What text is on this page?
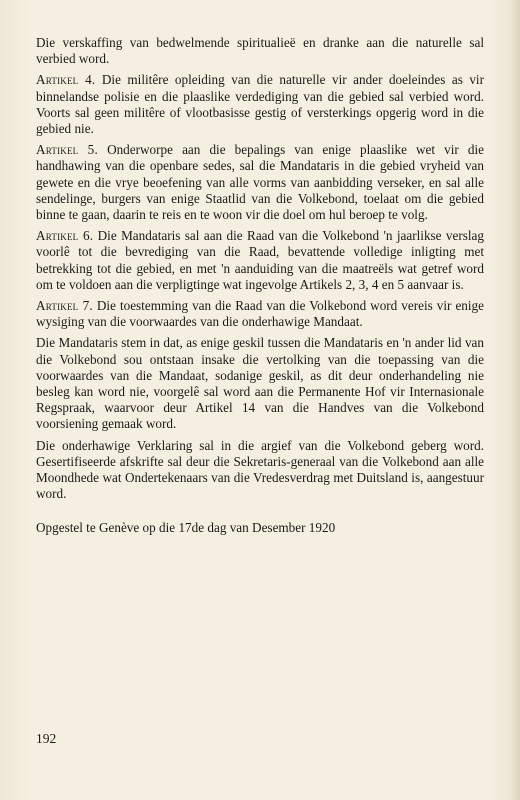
Die verskaffing van bedwelmende spiritualieë en dranke aan die naturelle sal verbied word.

Artikel 4. Die militêre opleiding van die naturelle vir ander doeleindes as vir binnelandse polisie en die plaaslike verdediging van die gebied sal verbied word. Voorts sal geen militêre of vlootbasisse gestig of versterkings opgerig word in die gebied nie.

Artikel 5. Onderworpe aan die bepalings van enige plaaslike wet vir die handhawing van die openbare sedes, sal die Mandataris in die gebied vryheid van gewete en die vrye beoefening van alle vorms van aanbidding verseker, en sal alle sendelinge, burgers van enige Staatlid van die Volkebond, toelaat om die gebied binne te gaan, daarin te reis en te woon vir die doel om hul beroep te volg.

Artikel 6. Die Mandataris sal aan die Raad van die Volkebond 'n jaarlikse verslag voorlê tot die bevrediging van die Raad, bevattende volledige inligting met betrekking tot die gebied, en met 'n aanduiding van die maatreëls wat getref word om te voldoen aan die verpligtinge wat ingevolge Artikels 2, 3, 4 en 5 aanvaar is.

Artikel 7. Die toestemming van die Raad van die Volkebond word vereis vir enige wysiging van die voorwaardes van die onderhawige Mandaat.

Die Mandataris stem in dat, as enige geskil tussen die Mandataris en 'n ander lid van die Volkebond sou ontstaan insake die vertolking van die toepassing van die voorwaardes van die Mandaat, sodanige geskil, as dit deur onderhandeling nie besleg kan word nie, voorgelê sal word aan die Permanente Hof vir Internasionale Regspraak, waarvoor deur Artikel 14 van die Handves van die Volkebond voorsiening gemaak word.

Die onderhawige Verklaring sal in die argief van die Volkebond geberg word. Gesertifiseerde afskrifte sal deur die Sekretaris-generaal van die Volkebond aan alle Moondhede wat Ondertekenaars van die Vredesverdrag met Duitsland is, aangestuur word.

Opgestel te Genève op die 17de dag van Desember 1920

192
